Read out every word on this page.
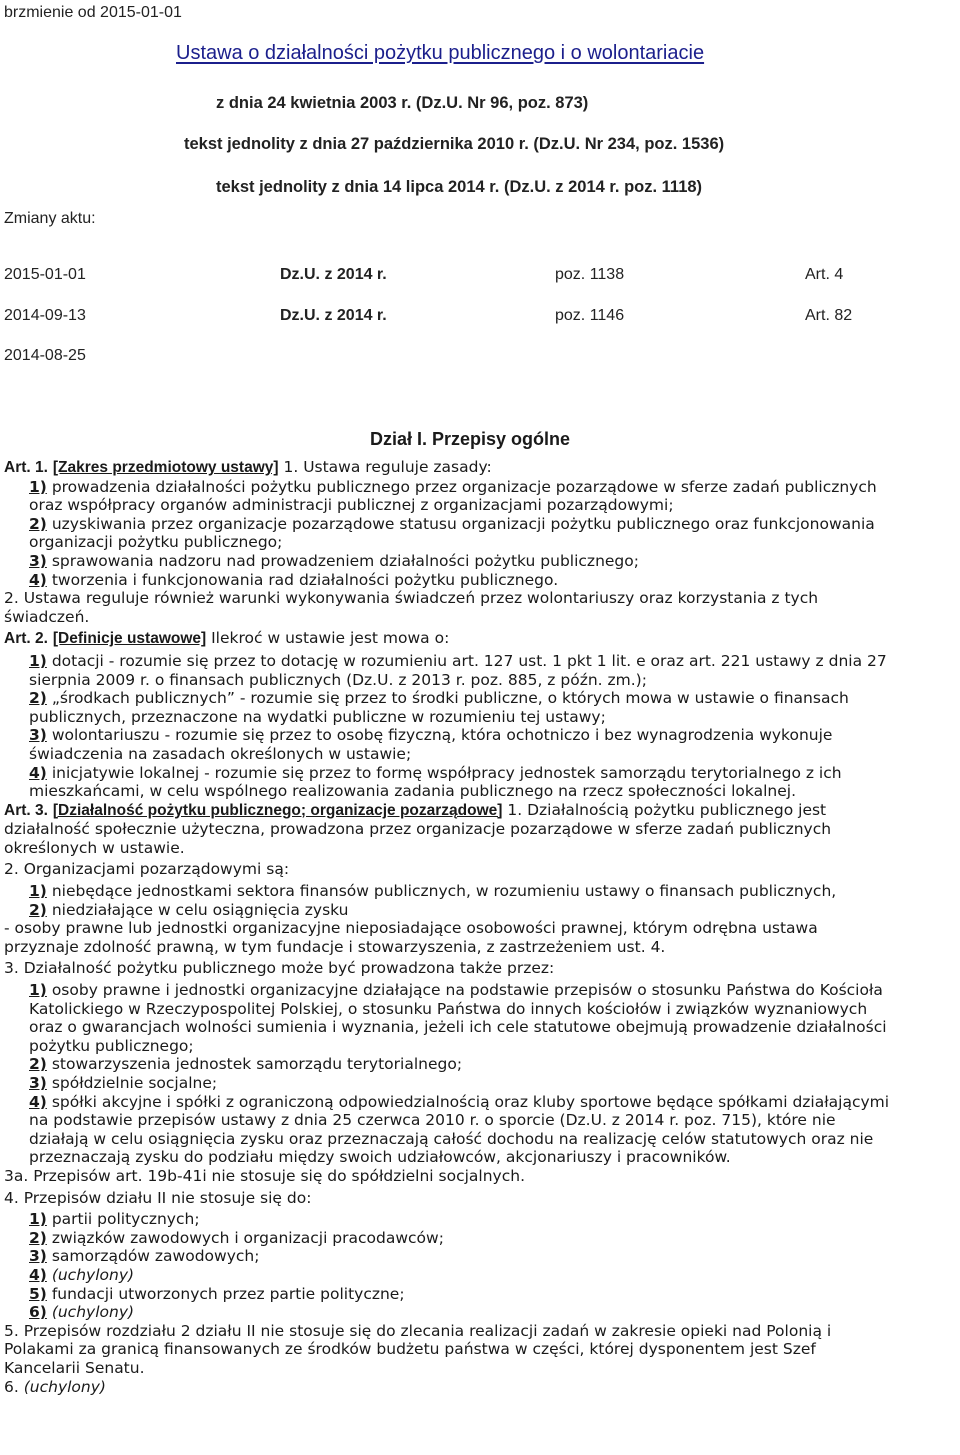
brzmienie od 2015-01-01
Ustawa o działalności pożytku publicznego i o wolontariacie
z dnia 24 kwietnia 2003 r. (Dz.U. Nr 96, poz. 873)
tekst jednolity z dnia 27 października 2010 r. (Dz.U. Nr 234, poz. 1536)
tekst jednolity z dnia 14 lipca 2014 r. (Dz.U. z 2014 r. poz. 1118)
Zmiany aktu:
2015-01-01	Dz.U. z 2014 r.	poz. 1138	Art. 4
2014-09-13	Dz.U. z 2014 r.	poz. 1146	Art. 82
2014-08-25
Dział I. Przepisy ogólne
Art. 1. [Zakres przedmiotowy ustawy] 1. Ustawa reguluje zasady:
1) prowadzenia działalności pożytku publicznego przez organizacje pozarządowe w sferze zadań publicznych
oraz współpracy organów administracji publicznej z organizacjami pozarządowymi;
2) uzyskiwania przez organizacje pozarządowe statusu organizacji pożytku publicznego oraz funkcjonowania
organizacji pożytku publicznego;
3) sprawowania nadzoru nad prowadzeniem działalności pożytku publicznego;
4) tworzenia i funkcjonowania rad działalności pożytku publicznego.
2. Ustawa reguluje również warunki wykonywania świadczeń przez wolontariuszy oraz korzystania z tych
świadczeń.
Art. 2. [Definicje ustawowe] Ilekroć w ustawie jest mowa o:
1) dotacji - rozumie się przez to dotację w rozumieniu art. 127 ust. 1 pkt 1 lit. e oraz art. 221 ustawy z dnia 27
sierpnia 2009 r. o finansach publicznych (Dz.U. z 2013 r. poz. 885, z późn. zm.);
2) „środkach publicznych” - rozumie się przez to środki publiczne, o których mowa w ustawie o finansach
publicznych, przeznaczone na wydatki publiczne w rozumieniu tej ustawy;
3) wolontariuszu - rozumie się przez to osobę fizyczną, która ochotniczo i bez wynagrodzenia wykonuje
świadczenia na zasadach określonych w ustawie;
4) inicjatywie lokalnej - rozumie się przez to formę współpracy jednostek samorządu terytorialnego z ich
mieszkańcami, w celu wspólnego realizowania zadania publicznego na rzecz społeczności lokalnej.
Art. 3. [Działalność pożytku publicznego; organizacje pozarządowe] 1. Działalnością pożytku publicznego jest
działalność społecznie użyteczna, prowadzona przez organizacje pozarządowe w sferze zadań publicznych
określonych w ustawie.
2. Organizacjami pozarządowymi są:
1) niebędące jednostkami sektora finansów publicznych, w rozumieniu ustawy o finansach publicznych,
2) niedziałające w celu osiągnięcia zysku
- osoby prawne lub jednostki organizacyjne nieposiadające osobowości prawnej, którym odrębna ustawa
przyznaje zdolność prawną, w tym fundacje i stowarzyszenia, z zastrzeżeniem ust. 4.
3. Działalność pożytku publicznego może być prowadzona także przez:
1) osoby prawne i jednostki organizacyjne działające na podstawie przepisów o stosunku Państwa do Kościoła
Katolickiego w Rzeczypospolitej Polskiej, o stosunku Państwa do innych kościołów i związków wyznaniowych
oraz o gwarancjach wolności sumienia i wyznania, jeżeli ich cele statutowe obejmują prowadzenie działalności
pożytku publicznego;
2) stowarzyszenia jednostek samorządu terytorialnego;
3) spółdzielnie socjalne;
4) spółki akcyjne i spółki z ograniczoną odpowiedzialnością oraz kluby sportowe będące spółkami działającymi
na podstawie przepisów ustawy z dnia 25 czerwca 2010 r. o sporcie (Dz.U. z 2014 r. poz. 715), które nie
działają w celu osiągnięcia zysku oraz przeznaczają całość dochodu na realizację celów statutowych oraz nie
przeznaczają zysku do podziału między swoich udziałowców, akcjonariuszy i pracowników.
3a. Przepisów art. 19b-41i nie stosuje się do spółdzielni socjalnych.
4. Przepisów działu II nie stosuje się do:
1) partii politycznych;
2) związków zawodowych i organizacji pracodawców;
3) samorządów zawodowych;
4) (uchylony)
5) fundacji utworzonych przez partie polityczne;
6) (uchylony)
5. Przepisów rozdziału 2 działu II nie stosuje się do zlecania realizacji zadań w zakresie opieki nad Polonią i
Polakami za granicą finansowanych ze środków budżetu państwa w części, której dysponentem jest Szef
Kancelarii Senatu.
6. (uchylony)
